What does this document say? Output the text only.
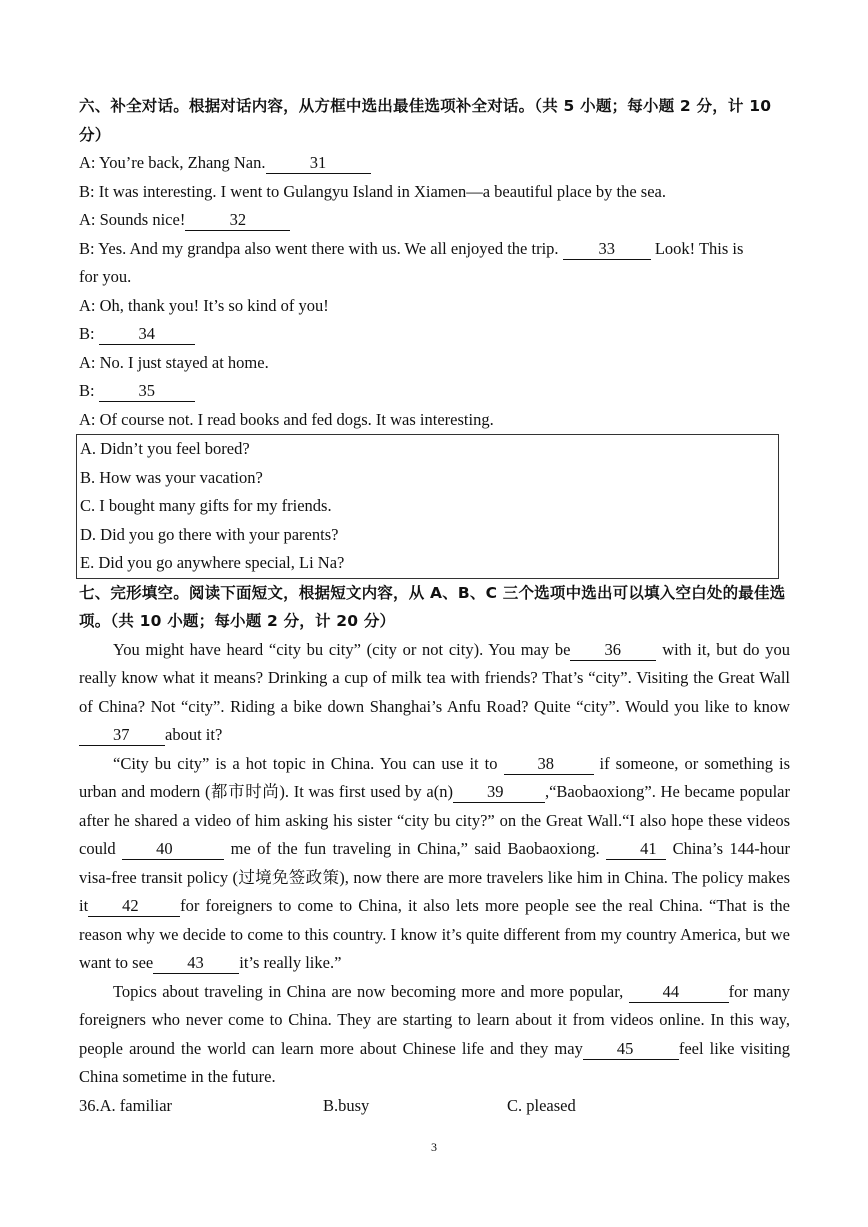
六、补全对话。根据对话内容，从方框中选出最佳选项补全对话。（共 5 小题；每小题 2 分，计 10 分）

A: You’re back, Zhang Nan.	31

B: It was interesting. I went to Gulangyu Island in Xiamen—a beautiful place by the sea.

A: Sounds nice!	32

B: Yes. And my grandpa also went there with us. We all enjoyed the trip. 33 Look! This is

for you.

A: Oh, thank you! It’s so kind of you!

B: 34

A: No. I just stayed at home.

B: 35

A: Of course not. I read books and fed dogs. It was interesting.

A. Didn’t you feel bored?

B. How was your vacation?

C. I bought many gifts for my friends.

D. Did you go there with your parents?

E. Did you go anywhere special, Li Na?

七、完形填空。阅读下面短文，根据短文内容，从 A、B、C 三个选项中选出可以填入空白处的最佳选项。（共 10 小题；每小题 2 分，计 20 分）

You might have heard “city bu city” (city or not city). You may be 36 with it, but do you really know what it means? Drinking a cup of milk tea with friends? That’s “city”. Visiting the Great Wall of China? Not “city”. Riding a bike down Shanghai’s Anfu Road? Quite “city”. Would you like to know37 about it?

“City bu city” is a hot topic in China. You can use it to 38 if someone, or something is urban and modern (都市时尚). It was first used by a(n) 39	,“Baobaoxiong”. He became popular after he shared a video of him asking his sister “city bu city?” on the Great Wall.“I also hope these videos could 40	me of the fun traveling in China,” said Baobaoxiong. 41 China’s 144-hour visa-free transit policy (过境免签政策), now there are more travelers like him in China. The policy makes it 42	for foreigners to come to China, it also lets more people see the real China. “That is the reason why we decide to come to this country. I know it’s quite different from my country America, but we want to see 43 it’s really like.”

Topics about traveling in China are now becoming more and more popular, 44	for many foreigners who never come to China. They are starting to learn about it from videos online. In this way, people around the world can learn more about Chinese life and they may 45	feel like visiting China sometime in the future.

36.A. familiar	B.busy	C. pleased
3
